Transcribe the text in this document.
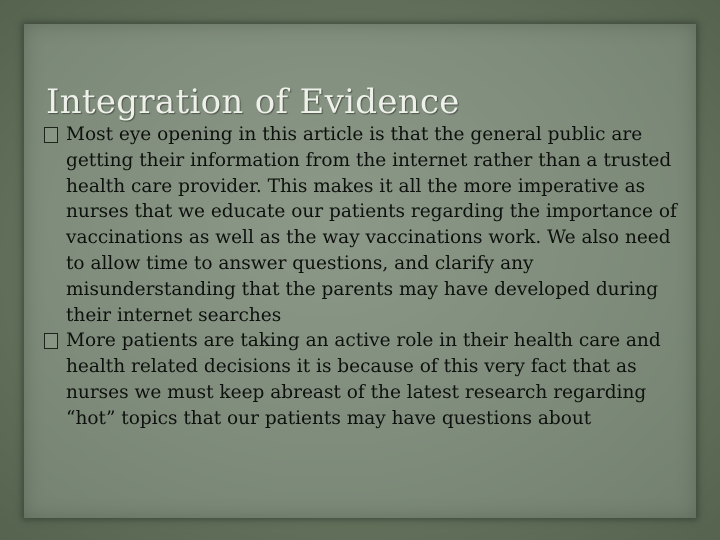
Integration of Evidence

Most eye opening in this article is that the general public are getting their information from the internet rather than a trusted health care provider. This makes it all the more imperative as nurses that we educate our patients regarding the importance of vaccinations as well as the way vaccinations work. We also need to allow time to answer questions, and clarify any misunderstanding that the parents may have developed during their internet searches

More patients are taking an active role in their health care and health related decisions it is because of this very fact that as nurses we must keep abreast of the latest research regarding “hot” topics that our patients may have questions about
